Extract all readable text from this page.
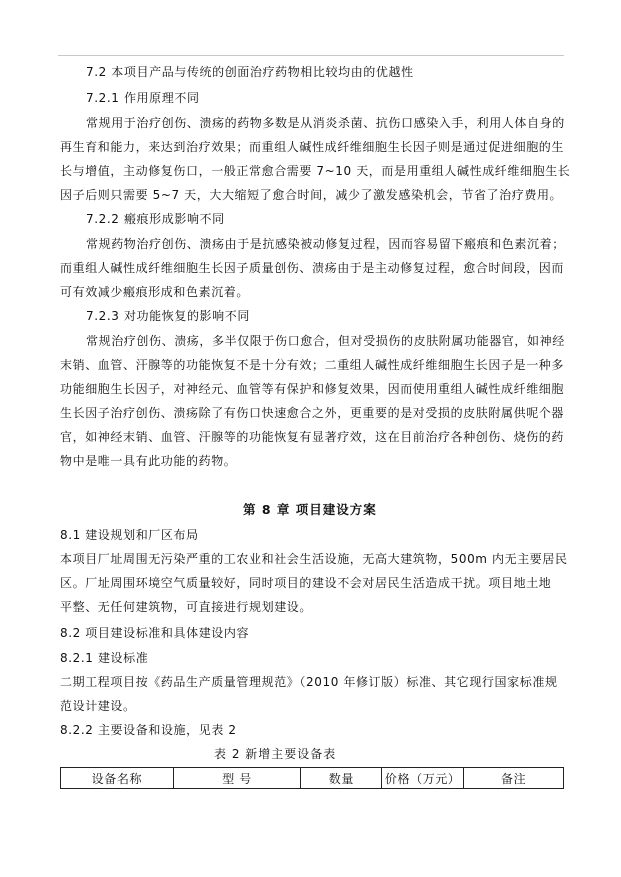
7.2 本项目产品与传统的创面治疗药物相比较均由的优越性
7.2.1 作用原理不同
常规用于治疗创伤、溃疡的药物多数是从消炎杀菌、抗伤口感染入手，利用人体自身的
再生育和能力，来达到治疗效果；而重组人碱性成纤维细胞生长因子则是通过促进细胞的生
长与增值，主动修复伤口，一般正常愈合需要 7~10 天，而是用重组人碱性成纤维细胞生长
因子后则只需要 5~7 天，大大缩短了愈合时间，减少了激发感染机会，节省了治疗费用。
7.2.2 瘢痕形成影响不同
常规药物治疗创伤、溃疡由于是抗感染被动修复过程，因而容易留下瘢痕和色素沉着；
而重组人碱性成纤维细胞生长因子质量创伤、溃疡由于是主动修复过程，愈合时间段，因而
可有效减少瘢痕形成和色素沉着。
7.2.3 对功能恢复的影响不同
常规治疗创伤、溃疡，多半仅限于伤口愈合，但对受损伤的皮肤附属功能器官，如神经
末销、血管、汗腺等的功能恢复不是十分有效；二重组人碱性成纤维细胞生长因子是一种多
功能细胞生长因子，对神经元、血管等有保护和修复效果，因而使用重组人碱性成纤维细胞
生长因子治疗创伤、溃疡除了有伤口快速愈合之外，更重要的是对受损的皮肤附属供呢个器
官，如神经末销、血管、汗腺等的功能恢复有显著疗效，这在目前治疗各种创伤、烧伤的药
物中是唯一具有此功能的药物。
第 8 章 项目建设方案
8.1 建设规划和厂区布局
本项目厂址周围无污染严重的工农业和社会生活设施，无高大建筑物，500m 内无主要居民
区。厂址周围环境空气质量较好，同时项目的建设不会对居民生活造成干扰。项目地土地
平整、无任何建筑物，可直接进行规划建设。
8.2 项目建设标准和具体建设内容
8.2.1 建设标准
二期工程项目按《药品生产质量管理规范》（2010 年修订版）标准、其它现行国家标准规
范设计建设。
8.2.2 主要设备和设施，见表 2
表 2 新增主要设备表
设备名称	型 号	数量	价格（万元）	备注
